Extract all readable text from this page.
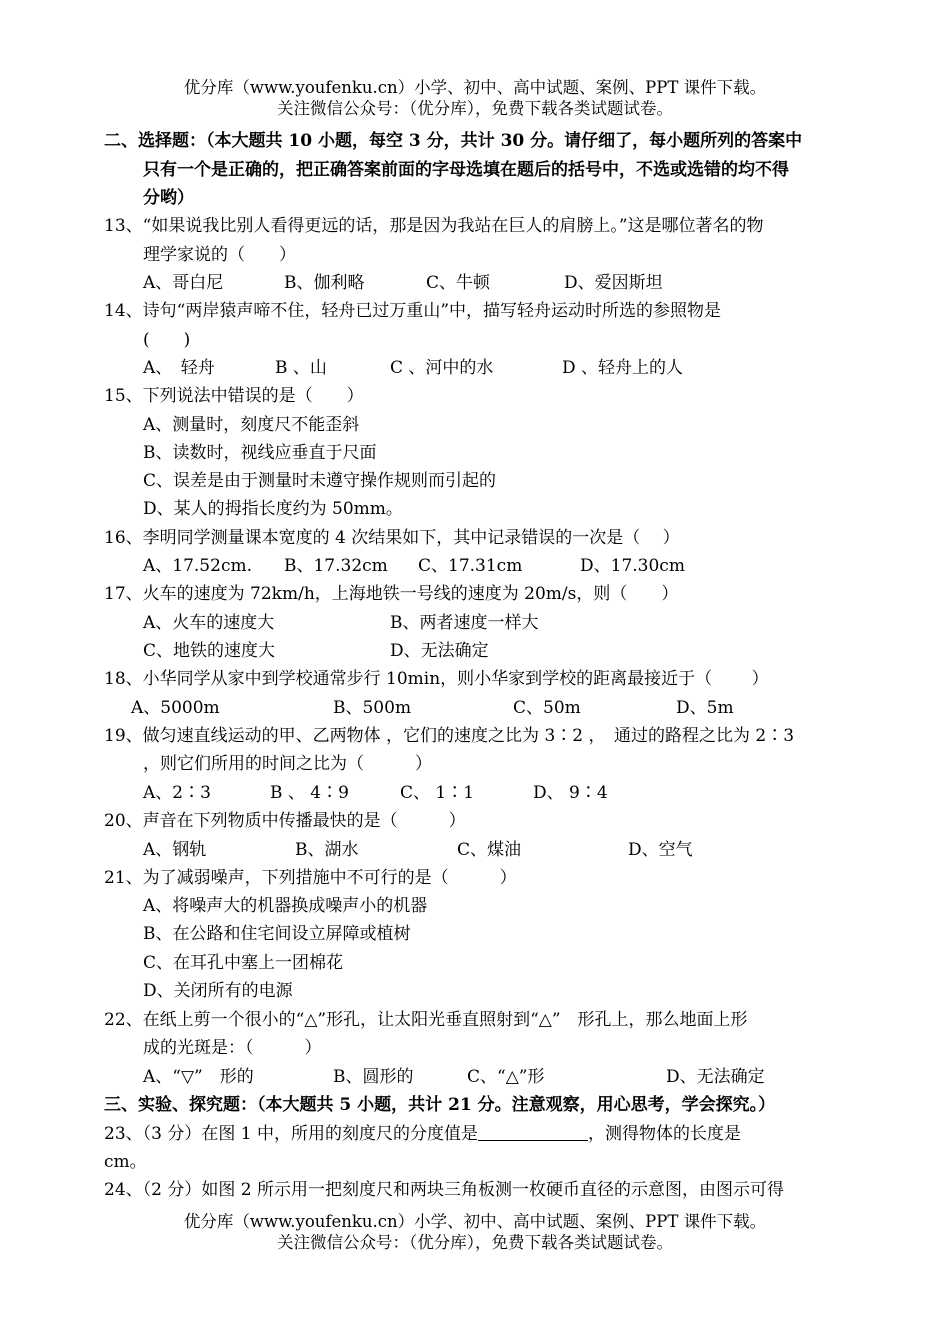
优分库（www.youfenku.cn）小学、初中、高中试题、案例、PPT 课件下载。
关注微信公众号：（优分库），免费下载各类试题试卷。
二、选择题：（本大题共 10 小题，每空 3 分，共计 30 分。请仔细了，每小题所列的答案中
只有一个是正确的，把正确答案前面的字母选填在题后的括号中，不选或选错的均不得
分哟）
13、“如果说我比别人看得更远的话，那是因为我站在巨人的肩膀上。”这是哪位著名的物
理学家说的（　　）
A、哥白尼	B、伽利略	C、牛顿	D、爱因斯坦
14、诗句“两岸猿声啼不住，轻舟已过万重山”中，描写轻舟运动时所选的参照物是
(　　)
A、　轻舟	B 、山	C 、河中的水	D 、轻舟上的人
15、下列说法中错误的是（　　）
A、测量时，刻度尺不能歪斜
B、读数时，视线应垂直于尺面
C、误差是由于测量时未遵守操作规则而引起的
D、某人的拇指长度约为 50mm。
16、李明同学测量课本宽度的 4 次结果如下，其中记录错误的一次是（　 ）
A、17.52cm. B、17.32cm C、17.31cm	D、17.30cm
17、火车的速度为 72km/h，上海地铁一号线的速度为 20m/s，则（　　）
A、火车的速度大	B、两者速度一样大
C、地铁的速度大	D、无法确定
18、小华同学从家中到学校通常步行 10min，则小华家到学校的距离最接近于（　　 ）
A、5000m	B、500m	C、50m	D、5m
19、做匀速直线运动的甲、乙两物体 ，它们的速度之比为 3∶2 ，　通过的路程之比为 2∶3
，则它们所用的时间之比为（　　　）
A、2∶3	B 、 4∶9	C、 1∶1	D、 9∶4
20、声音在下列物质中传播最快的是（　　　）
A、钢轨	B、湖水	C、煤油	D、空气
21、为了减弱噪声，下列措施中不可行的是（　　　）
A、将噪声大的机器换成噪声小的机器
B、在公路和住宅间设立屏障或植树
C、在耳孔中塞上一团棉花
D、关闭所有的电源
22、在纸上剪一个很小的“△”形孔，让太阳光垂直照射到“△”　形孔上，那么地面上形
成的光斑是：（　　　）
A、“▽”　形的	B、圆形的	C、“△”形	D、无法确定
三、实验、探究题：（本大题共 5 小题，共计 21 分。注意观察，用心思考，学会探究。）
23、（3 分）在图 1 中，所用的刻度尺的分度值是	，测得物体的长度是
cm。
24、（2 分）如图 2 所示用一把刻度尺和两块三角板测一枚硬币直径的示意图，由图示可得
优分库（www.youfenku.cn）小学、初中、高中试题、案例、PPT 课件下载。
关注微信公众号：（优分库），免费下载各类试题试卷。
